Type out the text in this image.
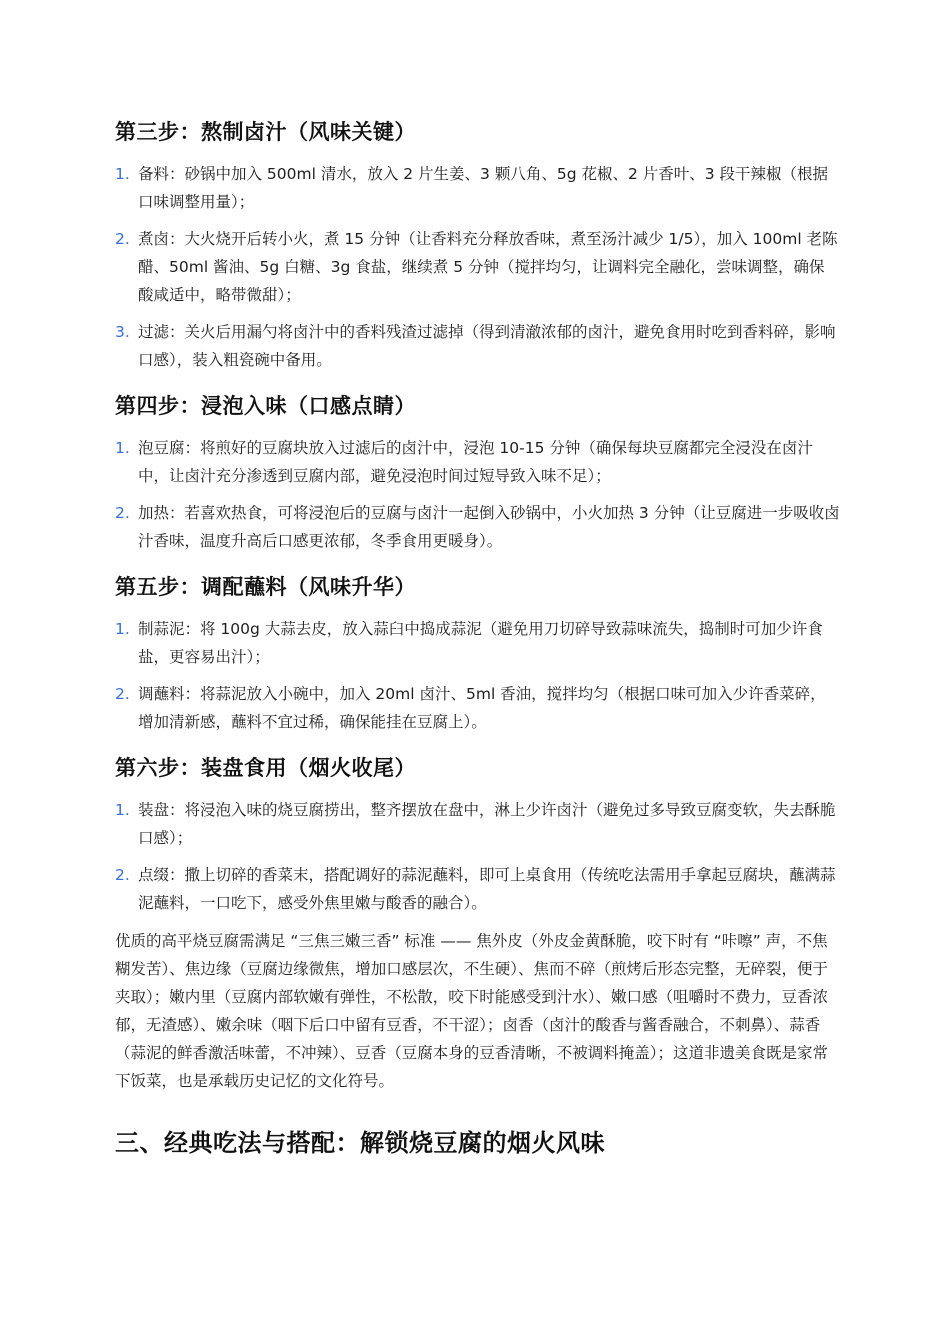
第三步：熬制卤汁（风味关键）
1. 备料：砂锅中加入 500ml 清水，放入 2 片生姜、3 颗八角、5g 花椒、2 片香叶、3 段干辣椒（根据口味调整用量）；
2. 煮卤：大火烧开后转小火，煮 15 分钟（让香料充分释放香味，煮至汤汁减少 1/5），加入 100ml 老陈醋、50ml 酱油、5g 白糖、3g 食盐，继续煮 5 分钟（搅拌均匀，让调料完全融化，尝味调整，确保酸咸适中，略带微甜）；
3. 过滤：关火后用漏勺将卤汁中的香料残渣过滤掉（得到清澈浓郁的卤汁，避免食用时吃到香料碎，影响口感），装入粗瓷碗中备用。
第四步：浸泡入味（口感点睛）
1. 泡豆腐：将煎好的豆腐块放入过滤后的卤汁中，浸泡 10-15 分钟（确保每块豆腐都完全浸没在卤汁中，让卤汁充分渗透到豆腐内部，避免浸泡时间过短导致入味不足）；
2. 加热：若喜欢热食，可将浸泡后的豆腐与卤汁一起倒入砂锅中，小火加热 3 分钟（让豆腐进一步吸收卤汁香味，温度升高后口感更浓郁，冬季食用更暖身）。
第五步：调配蘸料（风味升华）
1. 制蒜泥：将 100g 大蒜去皮，放入蒜臼中捣成蒜泥（避免用刀切碎导致蒜味流失，捣制时可加少许食盐，更容易出汁）；
2. 调蘸料：将蒜泥放入小碗中，加入 20ml 卤汁、5ml 香油，搅拌均匀（根据口味可加入少许香菜碎，增加清新感，蘸料不宜过稀，确保能挂在豆腐上）。
第六步：装盘食用（烟火收尾）
1. 装盘：将浸泡入味的烧豆腐捞出，整齐摆放在盘中，淋上少许卤汁（避免过多导致豆腐变软，失去酥脆口感）；
2. 点缀：撒上切碎的香菜末，搭配调好的蒜泥蘸料，即可上桌食用（传统吃法需用手拿起豆腐块，蘸满蒜泥蘸料，一口吃下，感受外焦里嫩与酸香的融合）。

优质的高平烧豆腐需满足 “三焦三嫩三香” 标准 —— 焦外皮（外皮金黄酥脆，咬下时有 “咔嚓” 声，不焦糊发苦）、焦边缘（豆腐边缘微焦，增加口感层次，不生硬）、焦而不碎（煎烤后形态完整，无碎裂，便于夹取）；嫩内里（豆腐内部软嫩有弹性，不松散，咬下时能感受到汁水）、嫩口感（咀嚼时不费力，豆香浓郁，无渣感）、嫩余味（咽下后口中留有豆香，不干涩）；卤香（卤汁的酸香与酱香融合，不刺鼻）、蒜香（蒜泥的鲜香激活味蕾，不冲辣）、豆香（豆腐本身的豆香清晰，不被调料掩盖）；这道非遗美食既是家常下饭菜，也是承载历史记忆的文化符号。

三、经典吃法与搭配：解锁烧豆腐的烟火风味
